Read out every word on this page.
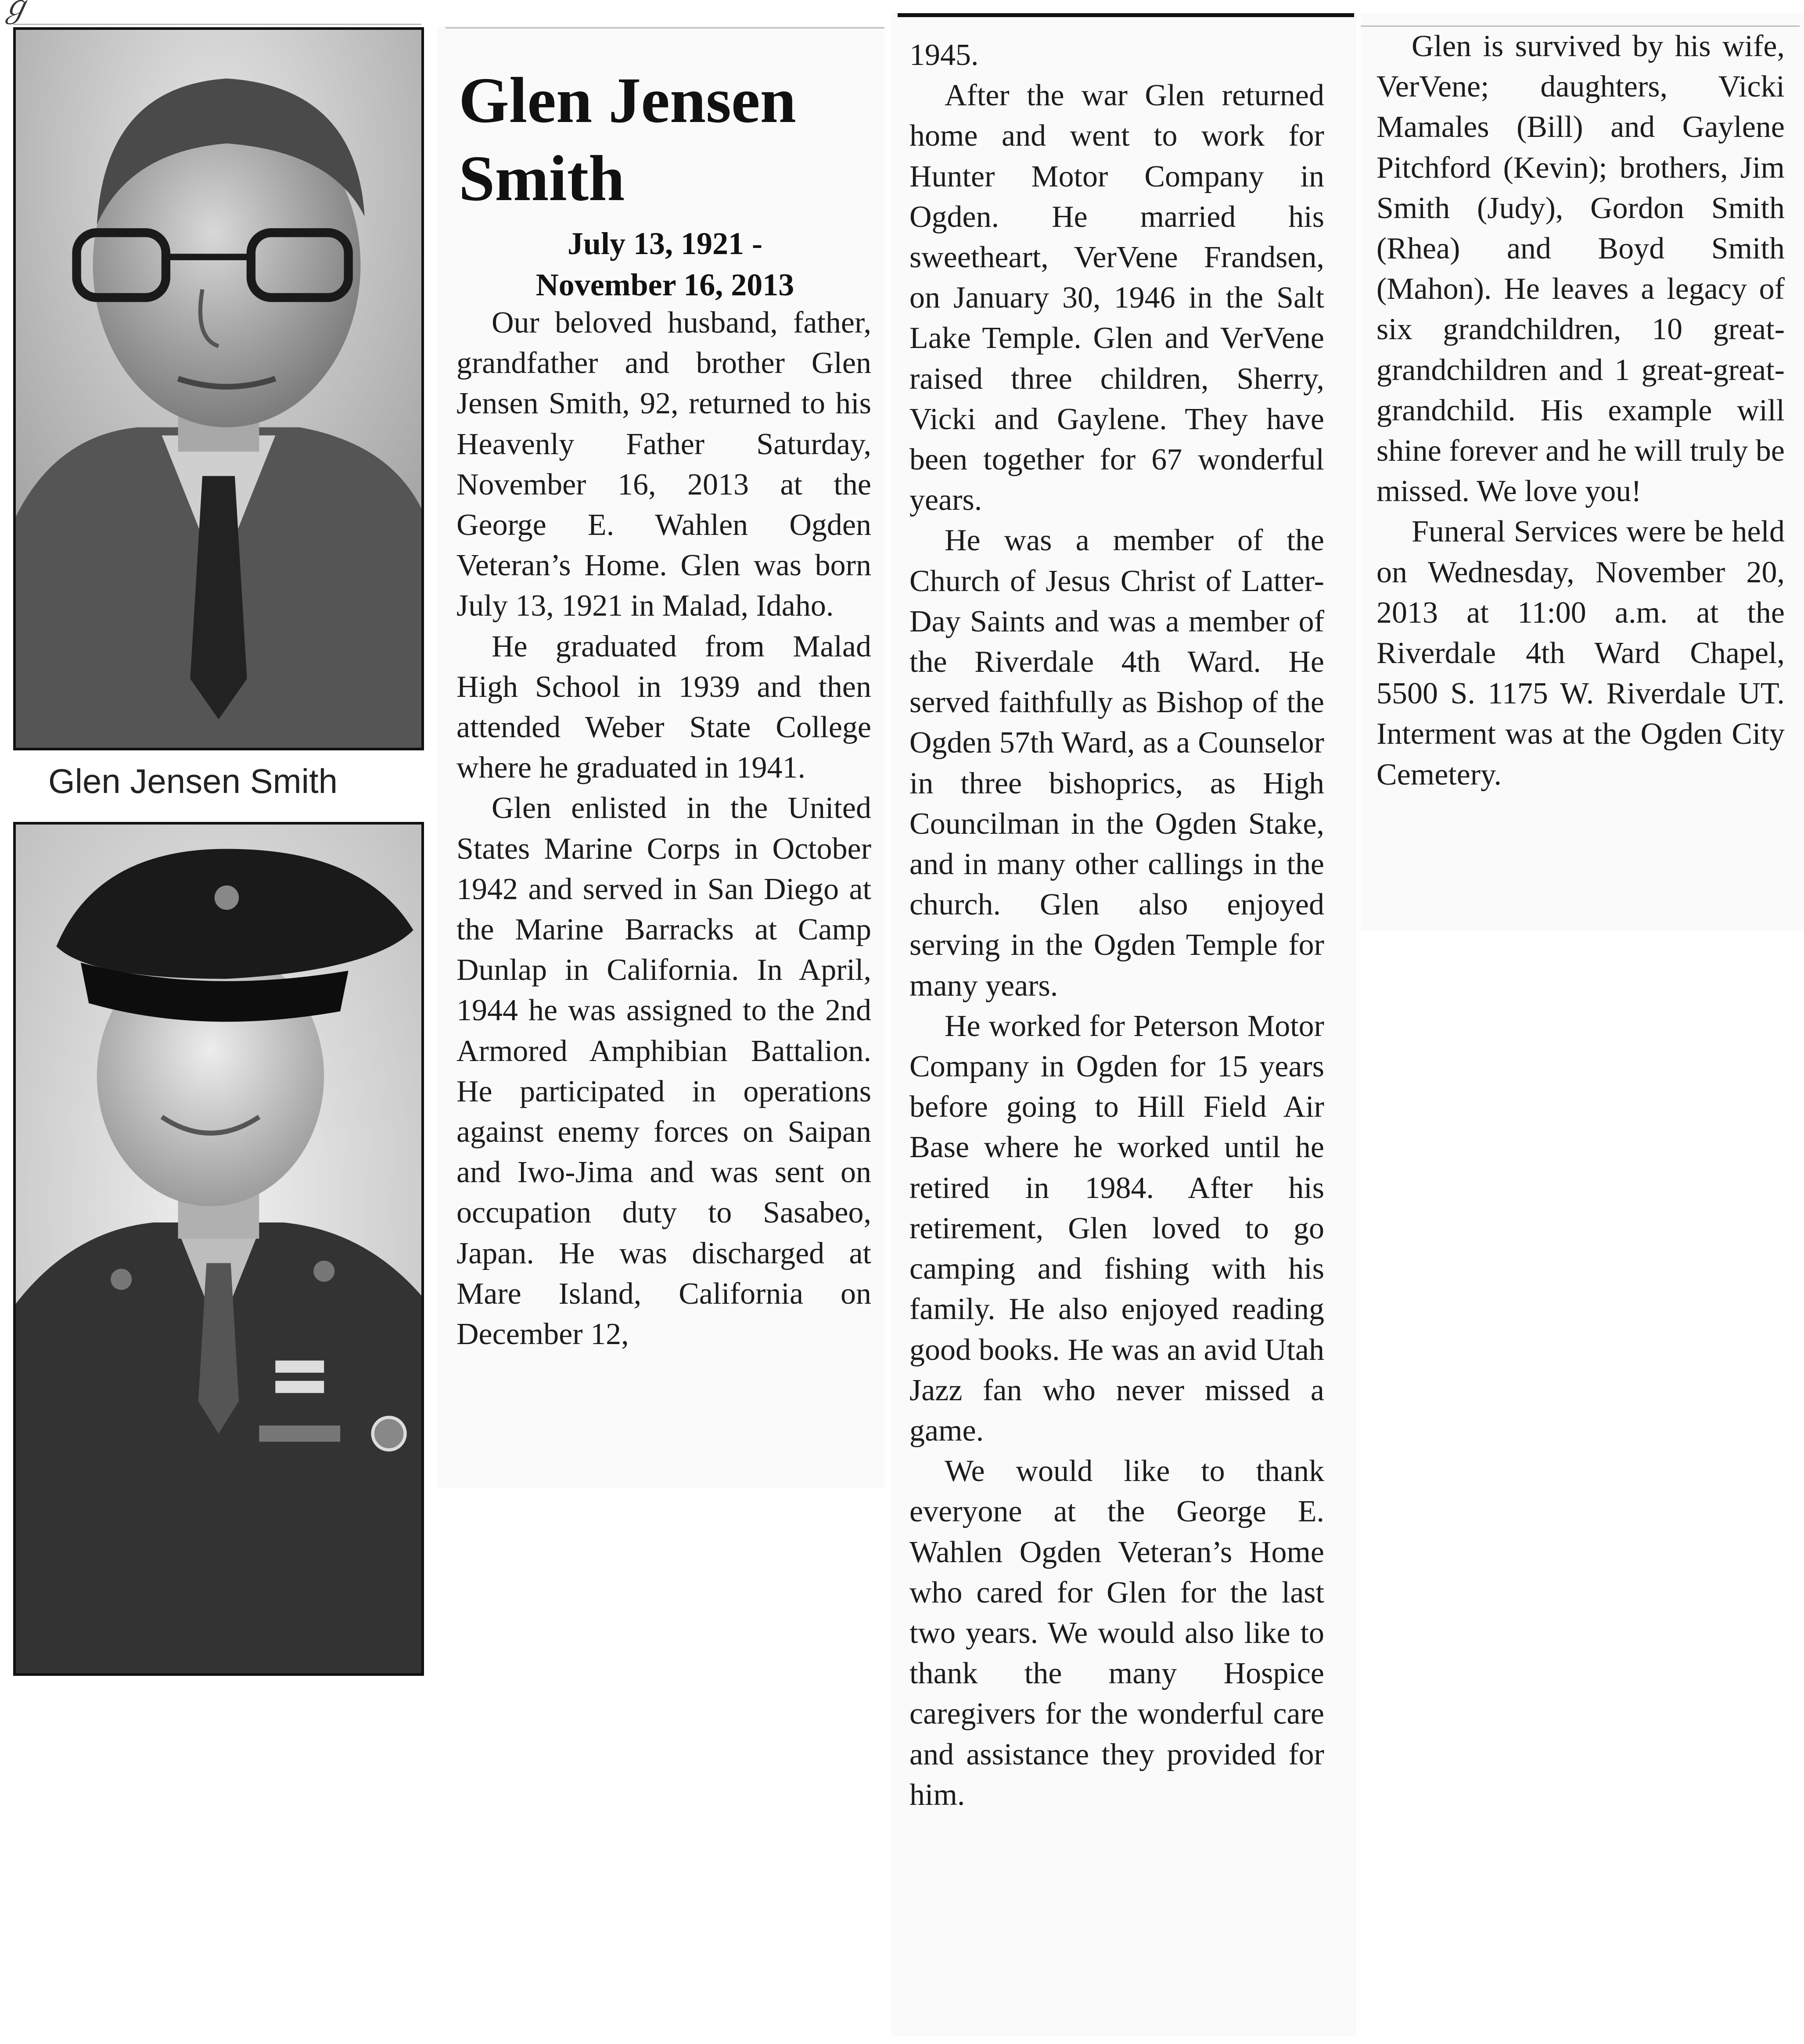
ℊ
Glen Jensen Smith
Glen Jensen Smith
July 13, 1921 -
November 16, 2013

Our beloved husband, father, grandfather and brother Glen Jensen Smith, 92, returned to his Heavenly Father Saturday, November 16, 2013 at the George E. Wahlen Ogden Veteran’s Home. Glen was born July 13, 1921 in Malad, Idaho.

He graduated from Malad High School in 1939 and then attended Weber State College where he graduated in 1941.

Glen enlisted in the United States Marine Corps in October 1942 and served in San Diego at the Marine Barracks at Camp Dunlap in California. In April, 1944 he was assigned to the 2nd Armored Amphibian Battalion. He participated in operations against enemy forces on Saipan and Iwo-Jima and was sent on occupation duty to Sasabeo, Japan. He was discharged at Mare Island, California on December 12,

1945.

After the war Glen returned home and went to work for Hunter Motor Company in Ogden. He married his sweetheart, VerVene Frandsen, on January 30, 1946 in the Salt Lake Temple. Glen and VerVene raised three children, Sherry, Vicki and Gaylene. They have been together for 67 wonderful years.

He was a member of the Church of Jesus Christ of Latter-Day Saints and was a member of the Riverdale 4th Ward. He served faithfully as Bishop of the Ogden 57th Ward, as a Counselor in three bishoprics, as High Councilman in the Ogden Stake, and in many other callings in the church. Glen also enjoyed serving in the Ogden Temple for many years.

He worked for Peterson Motor Company in Ogden for 15 years before going to Hill Field Air Base where he worked until he retired in 1984. After his retirement, Glen loved to go camping and fishing with his family. He also enjoyed reading good books. He was an avid Utah Jazz fan who never missed a game.

We would like to thank everyone at the George E. Wahlen Ogden Veteran’s Home who cared for Glen for the last two years. We would also like to thank the many Hospice caregivers for the wonderful care and assistance they provided for him.

Glen is survived by his wife, VerVene; daughters, Vicki Mamales (Bill) and Gaylene Pitchford (Kevin); brothers, Jim Smith (Judy), Gordon Smith (Rhea) and Boyd Smith (Mahon). He leaves a legacy of six grandchildren, 10 great-grandchildren and 1 great-great-grandchild. His example will shine forever and he will truly be missed. We love you!

Funeral Services were be held on Wednesday, November 20, 2013 at 11:00 a.m. at the Riverdale 4th Ward Chapel, 5500 S. 1175 W. Riverdale UT. Interment was at the Ogden City Cemetery.
